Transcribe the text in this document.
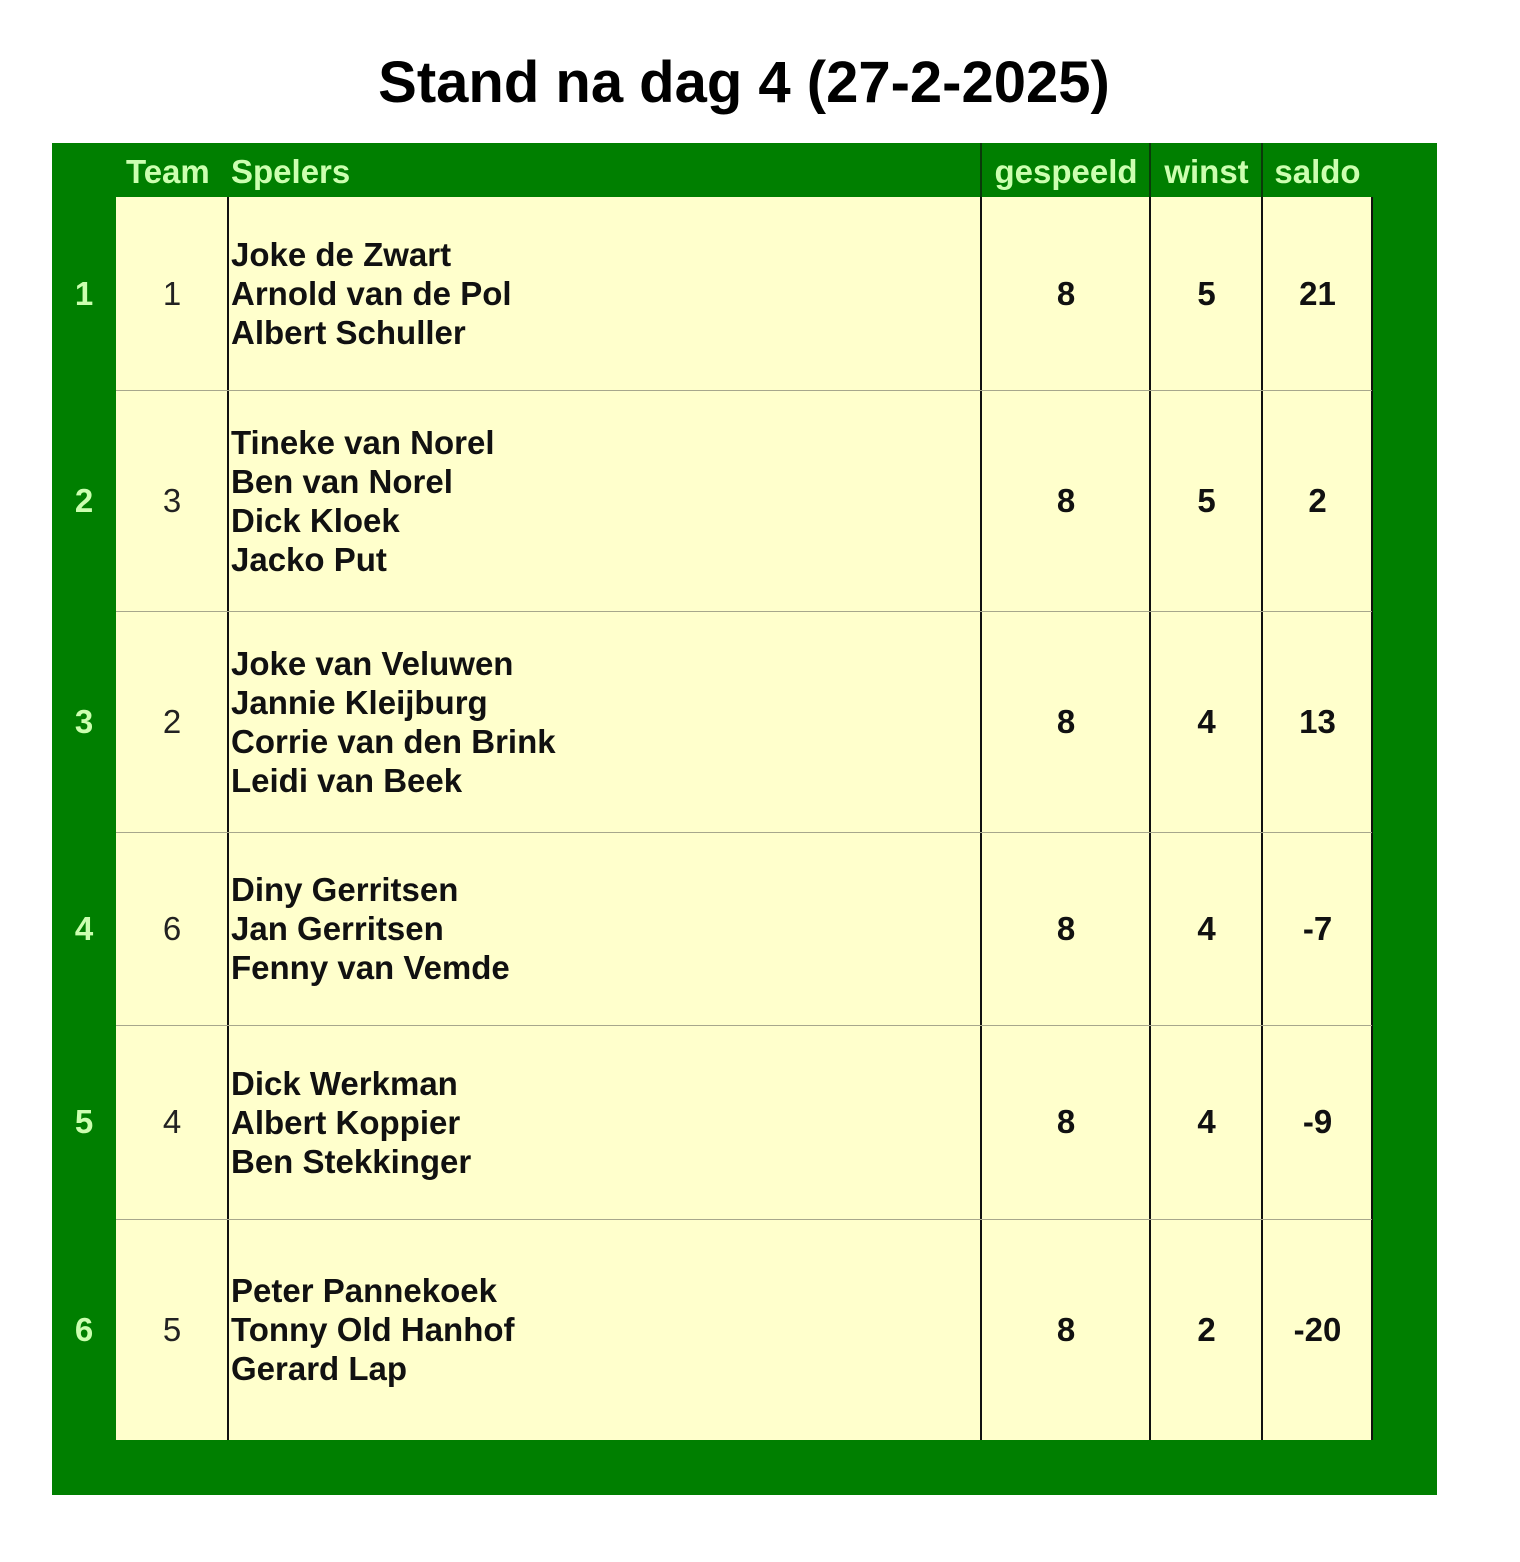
Stand na dag 4 (27-2-2025)
Team Spelers	gespeeld winst saldo
1	1
Joke de Zwart
Arnold van de Pol
Albert Schuller
8	5	21
2	3
Tineke van Norel
Ben van Norel
Dick Kloek
Jacko Put
8	5	2
3	2
Joke van Veluwen
Jannie Kleijburg
Corrie van den Brink
Leidi van Beek
8	4	13
4	6
Diny Gerritsen
Jan Gerritsen
Fenny van Vemde
8	4	-7
5	4
Dick Werkman
Albert Koppier
Ben Stekkinger
8	4	-9
6	5
Peter Pannekoek
Tonny Old Hanhof
Gerard Lap
8	2	-20
